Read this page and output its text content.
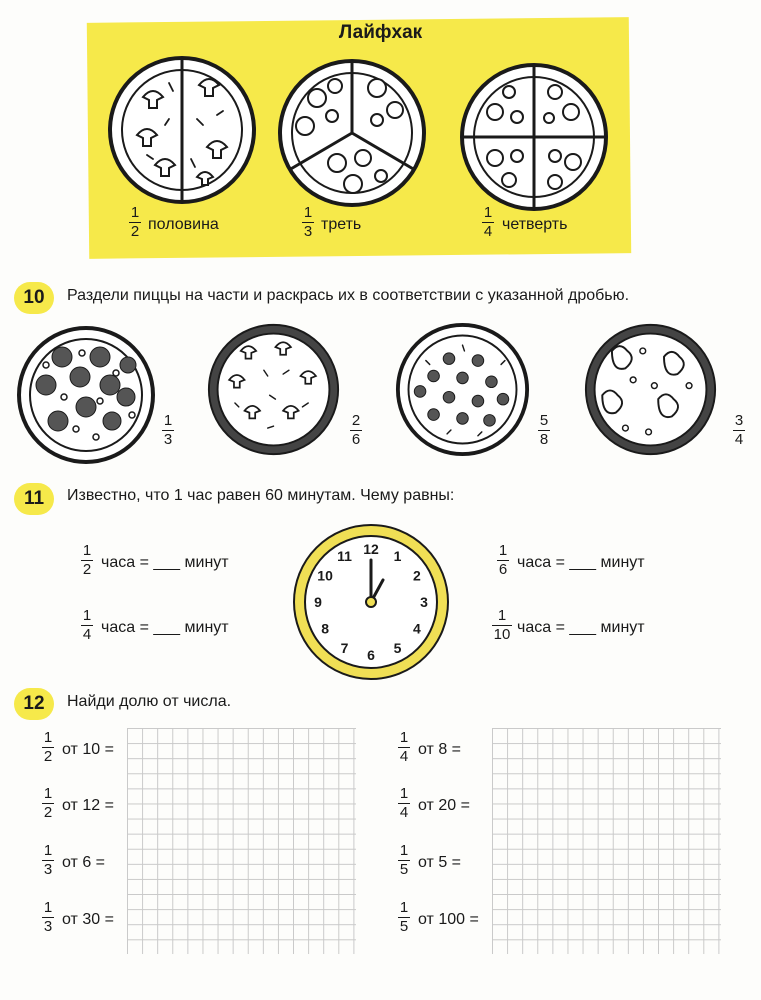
Лайфхак
1
2 половина
1
3 треть
1
4 четверть
10	Раздели пиццы на части и раскрась их в соответствии с указанной дробью.
1
3
2
6
5
8
3
4
11	Известно, что 1 час равен 60 минутам. Чему равны:
1
2 часа = ___ минут
1
4 часа = ___ минут
1
6 часа = ___ минут
1
10 часа = ___ минут
12 1
2
3
4
5
6
7
8
9
10
11
12	Найди долю от числа.
1
2 от 10 =
1
2 от 12 =
1
3 от 6 =
1
3 от 30 =
1
4 от 8 =
1
4 от 20 =
1
5 от 5 =
1
5 от 100 =
